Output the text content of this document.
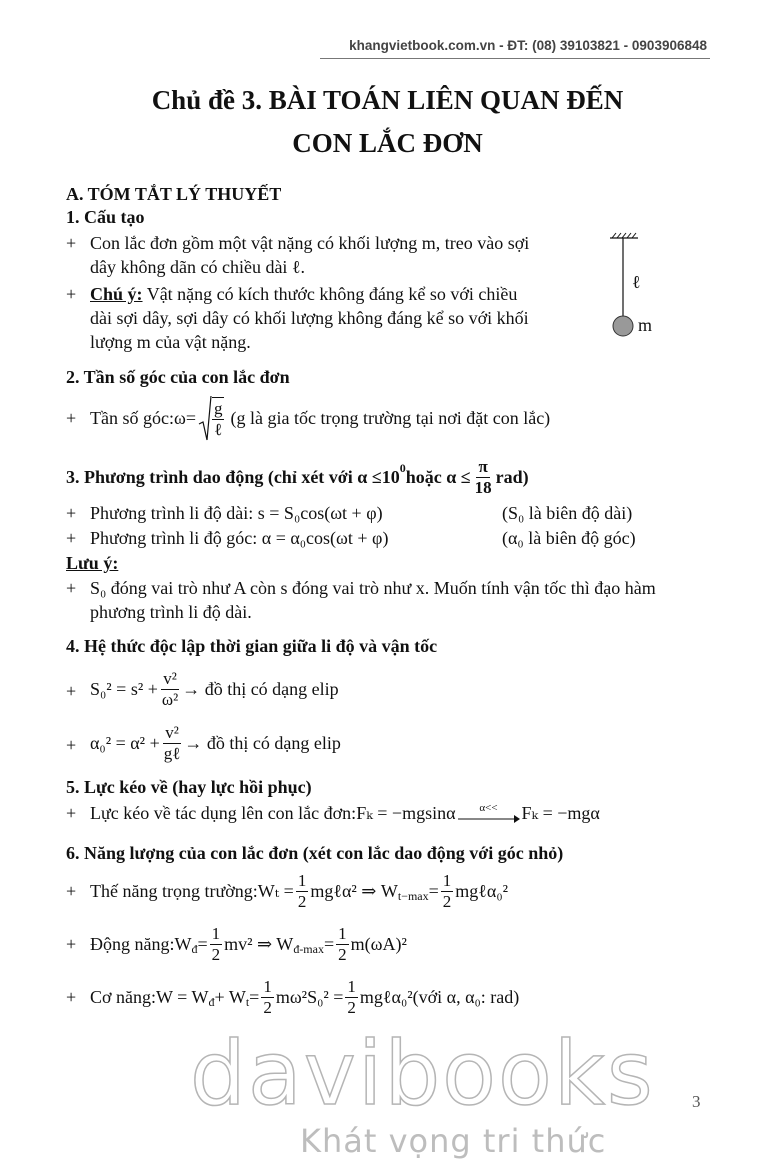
khangvietbook.com.vn - ĐT: (08) 39103821 - 0903906848
Chủ đề 3. BÀI TOÁN LIÊN QUAN ĐẾN
CON LẮC ĐƠN
A. TÓM TẮT LÝ THUYẾT
1. Cấu tạo
+ Con lắc đơn gồm một vật nặng có khối lượng m, treo vào sợi
dây không dãn có chiều dài ℓ.
+ Chú ý: Vật nặng có kích thước không đáng kể so với chiều
dài sợi dây, sợi dây có khối lượng không đáng kể so với khối
lượng m của vật nặng.
ℓ
m
2. Tần số góc của con lắc đơn
+ Tần số góc: $\omega= \frac{g}{\text{ℓ}} (g$ là gia tốc trọng trường tại nơi đặt con lắc)
3. Phương trình dao động (chỉ xét với $\alpha \le 10^0$ hoặc $\alpha \le \frac{\pi}{18} rad$)
+ Phương trình li độ dài: s = S₀cos(ωt + φ)	(S₀ là biên độ dài)
+ Phương trình li độ góc: α = α₀cos(ωt + φ)	(α₀ là biên độ góc)
Lưu ý:
+ S₀ đóng vai trò như A còn s đóng vai trò như x. Muốn tính vận tốc thì đạo hàm
phương trình li độ dài.
4. Hệ thức độc lập thời gian giữa li độ và vận tốc
+ $S_0^2 = s^2 + \frac{\text{v²}}{\text{ω²}}$ → đồ thị có dạng elip
+ $\alpha_0^2 = \alpha^2 + \frac{\text{v²}}{\text{gℓ}}$ → đồ thị có dạng elip
5. Lực kéo về (hay lực hồi phục)
+ Lực kéo về tác dụng lên con lắc đơn: Fₖ = −mgsinα α<< Fₖ = −mgα
6. Năng lượng của con lắc đơn (xét con lắc dao động với góc nhỏ)
+ Thế năng trọng trường: $W_t = \frac{1}{2}$ mgℓα² ⇒ $W_{t-max} = \frac{1}{2}$ mgℓα₀²
+ Động năng: $W_đ = \frac{1}{2} mv^2$ ⇒ $W_{đ-max} = \frac{1}{2} m(\omega A)^2$
+ Cơ năng: $W = W_đ + W_t = \frac{1}{2} m\omega^2S_0^2 = \frac{1}{2}$ mgℓα₀² (với α, α₀: rad)
davibooks
Khát vọng tri thức
3
